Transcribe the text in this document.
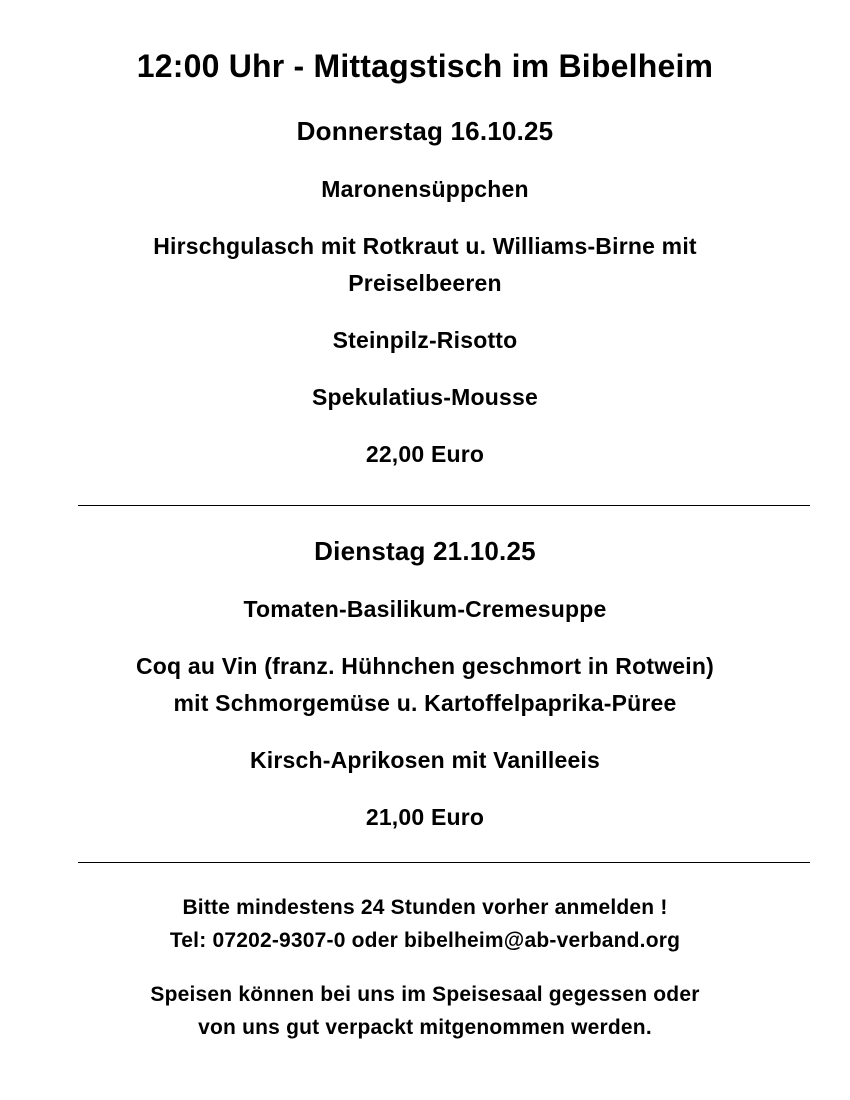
12:00 Uhr - Mittagstisch im Bibelheim
Donnerstag 16.10.25
Maronensüppchen
Hirschgulasch mit Rotkraut u. Williams-Birne mit
Preiselbeeren
Steinpilz-Risotto
Spekulatius-Mousse
22,00 Euro
Dienstag 21.10.25
Tomaten-Basilikum-Cremesuppe
Coq au Vin (franz. Hühnchen geschmort in Rotwein)
mit Schmorgemüse u. Kartoffelpaprika-Püree
Kirsch-Aprikosen mit Vanilleeis
21,00 Euro
Bitte mindestens 24 Stunden vorher anmelden !
Tel: 07202-9307-0 oder bibelheim@ab-verband.org
Speisen können bei uns im Speisesaal gegessen oder
von uns gut verpackt mitgenommen werden.
